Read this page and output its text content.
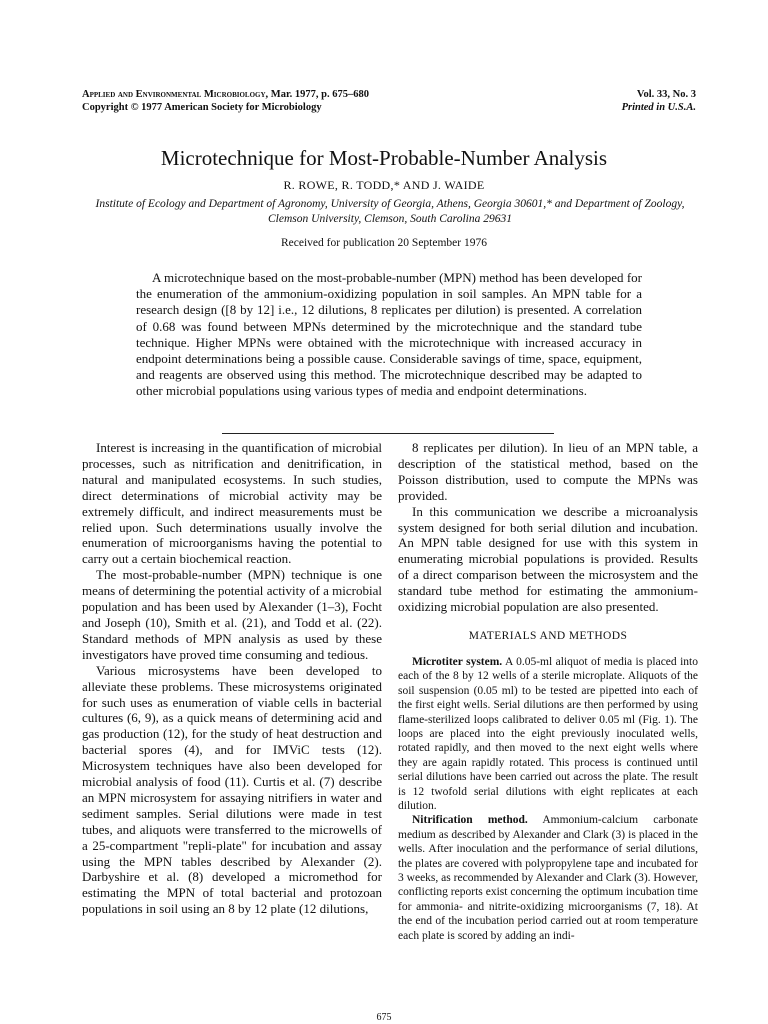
Applied and Environmental Microbiology, Mar. 1977, p. 675–680
Copyright © 1977 American Society for Microbiology
Vol. 33, No. 3
Printed in U.S.A.
Microtechnique for Most-Probable-Number Analysis
R. ROWE, R. TODD,* AND J. WAIDE
Institute of Ecology and Department of Agronomy, University of Georgia, Athens, Georgia 30601,* and Department of Zoology, Clemson University, Clemson, South Carolina 29631
Received for publication 20 September 1976

A microtechnique based on the most-probable-number (MPN) method has been developed for the enumeration of the ammonium-oxidizing population in soil samples. An MPN table for a research design ([8 by 12] i.e., 12 dilutions, 8 replicates per dilution) is presented. A correlation of 0.68 was found between MPNs determined by the microtechnique and the standard tube technique. Higher MPNs were obtained with the microtechnique with increased accuracy in endpoint determinations being a possible cause. Considerable savings of time, space, equipment, and reagents are observed using this method. The microtechnique described may be adapted to other microbial populations using various types of media and endpoint determinations.

Interest is increasing in the quantification of microbial processes, such as nitrification and denitrification, in natural and manipulated ecosystems. In such studies, direct determinations of microbial activity may be extremely difficult, and indirect measurements must be relied upon. Such determinations usually involve the enumeration of microorganisms having the potential to carry out a certain biochemical reaction.

The most-probable-number (MPN) technique is one means of determining the potential activity of a microbial population and has been used by Alexander (1–3), Focht and Joseph (10), Smith et al. (21), and Todd et al. (22). Standard methods of MPN analysis as used by these investigators have proved time consuming and tedious.

Various microsystems have been developed to alleviate these problems. These microsystems originated for such uses as enumeration of viable cells in bacterial cultures (6, 9), as a quick means of determining acid and gas production (12), for the study of heat destruction and bacterial spores (4), and for IMViC tests (12). Microsystem techniques have also been developed for microbial analysis of food (11). Curtis et al. (7) describe an MPN microsystem for assaying nitrifiers in water and sediment samples. Serial dilutions were made in test tubes, and aliquots were transferred to the microwells of a 25-compartment "repli-plate" for incubation and assay using the MPN tables described by Alexander (2). Darbyshire et al. (8) developed a micromethod for estimating the MPN of total bacterial and protozoan populations in soil using an 8 by 12 plate (12 dilutions,

8 replicates per dilution). In lieu of an MPN table, a description of the statistical method, based on the Poisson distribution, used to compute the MPNs was provided.

In this communication we describe a microanalysis system designed for both serial dilution and incubation. An MPN table designed for use with this system in enumerating microbial populations is provided. Results of a direct comparison between the microsystem and the standard tube method for estimating the ammonium-oxidizing microbial population are also presented.

MATERIALS AND METHODS

Microtiter system. A 0.05-ml aliquot of media is placed into each of the 8 by 12 wells of a sterile microplate. Aliquots of the soil suspension (0.05 ml) to be tested are pipetted into each of the first eight wells. Serial dilutions are then performed by using flame-sterilized loops calibrated to deliver 0.05 ml (Fig. 1). The loops are placed into the eight previously inoculated wells, rotated rapidly, and then moved to the next eight wells where they are again rapidly rotated. This process is continued until serial dilutions have been carried out across the plate. The result is 12 twofold serial dilutions with eight replicates at each dilution.

Nitrification method. Ammonium-calcium carbonate medium as described by Alexander and Clark (3) is placed in the wells. After inoculation and the performance of serial dilutions, the plates are covered with polypropylene tape and incubated for 3 weeks, as recommended by Alexander and Clark (3). However, conflicting reports exist concerning the optimum incubation time for ammonia- and nitrite-oxidizing microorganisms (7, 18). At the end of the incubation period carried out at room temperature each plate is scored by adding an indi-

675
